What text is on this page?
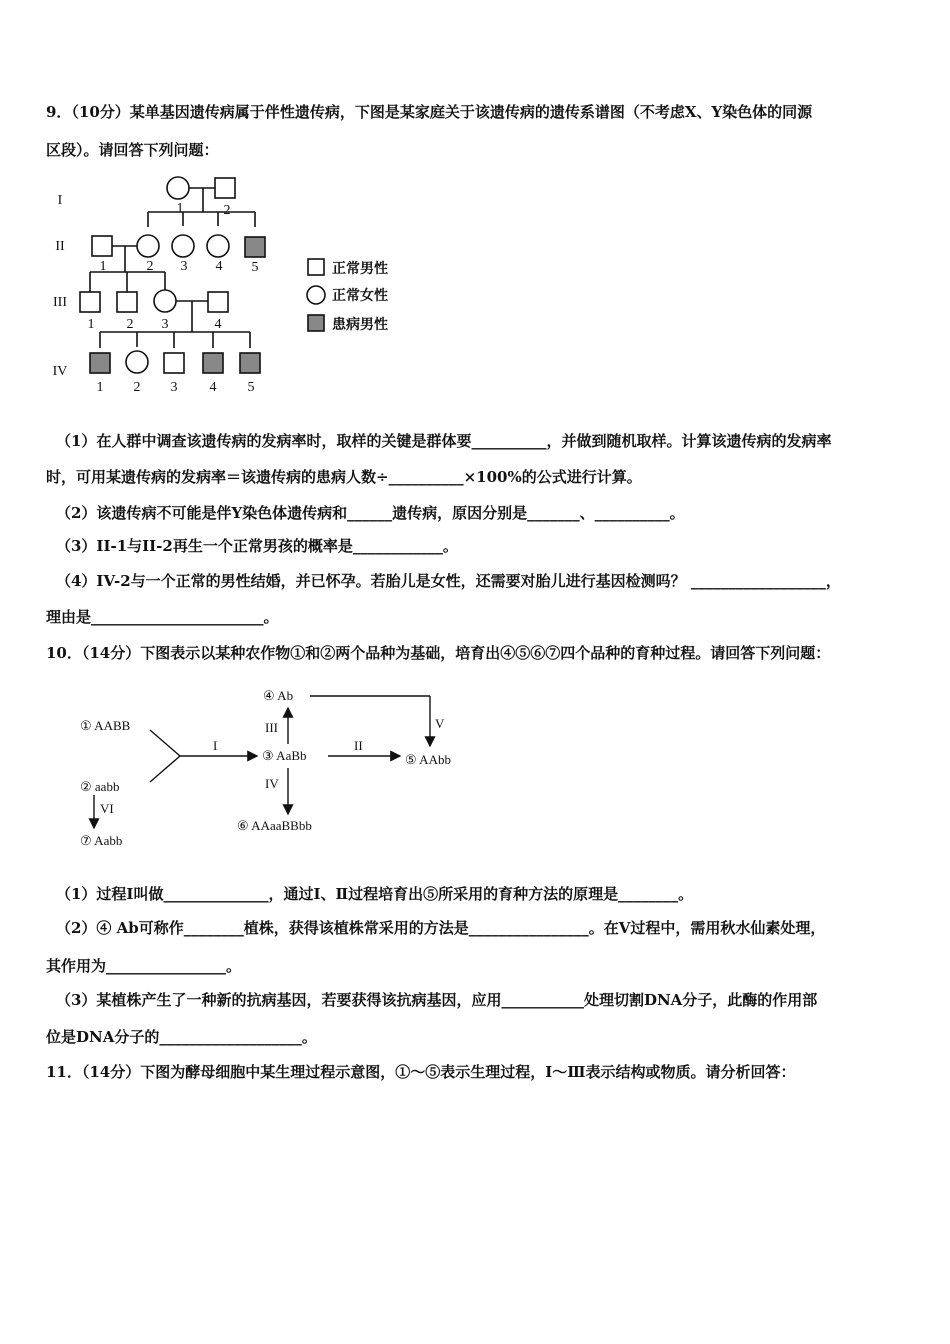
9．（10分）某单基因遗传病属于伴性遗传病，下图是某家庭关于该遗传病的遗传系谱图（不考虑X、Y染色体的同源
区段）。请回答下列问题：
I
II
III
IV
1	2
1	2 3 4 5
1 2 3	4
1 2 3 4 5
正常男性
正常女性
患病男性
（1）在人群中调查该遗传病的发病率时，取样的关键是群体要__________，并做到随机取样。计算该遗传病的发病率
时，可用某遗传病的发病率＝该遗传病的患病人数÷__________×100%的公式进行计算。
（2）该遗传病不可能是伴Y染色体遗传病和______遗传病，原因分别是_______、__________。
（3）II-1与II-2再生一个正常男孩的概率是____________。
（4）IV-2与一个正常的男性结婚，并已怀孕。若胎儿是女性，还需要对胎儿进行基因检测吗？ __________________，
理由是_______________________。
10．（14分）下图表示以某种农作物①和②两个品种为基础，培育出④⑤⑥⑦四个品种的育种过程。请回答下列问题：
① AABB
② aabb
③ AaBb
④ Ab
⑤ AAbb
⑥ AAaaBBbb
⑦ Aabb
I	II
III
IV
V
VI
（1）过程I叫做______________，通过I、Ⅱ过程培育出⑤所采用的育种方法的原理是________。
（2）④ Ab可称作________植株，获得该植株常采用的方法是________________。在V过程中，需用秋水仙素处理，
其作用为________________。
（3）某植株产生了一种新的抗病基因，若要获得该抗病基因，应用___________处理切割DNA分子，此酶的作用部
位是DNA分子的___________________。
11．（14分）下图为酵母细胞中某生理过程示意图，①～⑤表示生理过程，Ⅰ～Ⅲ表示结构或物质。请分析回答：
